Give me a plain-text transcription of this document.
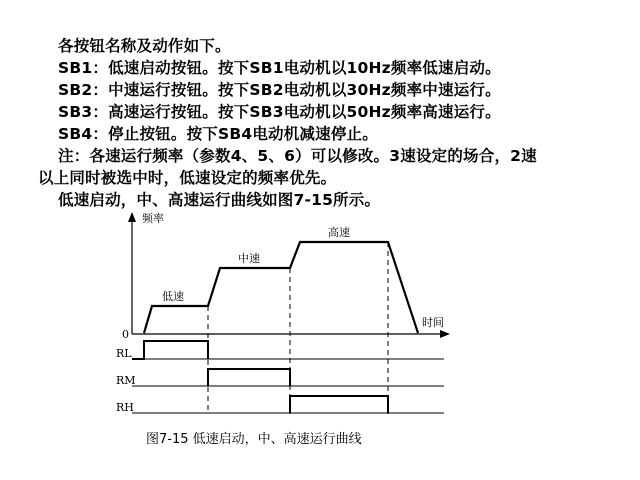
各按钮名称及动作如下。
SB1：低速启动按钮。按下SB1电动机以10Hz频率低速启动。
SB2：中速运行按钮。按下SB2电动机以30Hz频率中速运行。
SB3：高速运行按钮。按下SB3电动机以50Hz频率高速运行。
SB4：停止按钮。按下SB4电动机减速停止。
注：各速运行频率（参数4、5、6）可以修改。3速设定的场合，2速
以上同时被选中时，低速设定的频率优先。
低速启动，中、高速运行曲线如图7-15所示。
频率
时间
0
低速
中速
高速
RL
RM
RH
图7-15 低速启动，中、高速运行曲线
